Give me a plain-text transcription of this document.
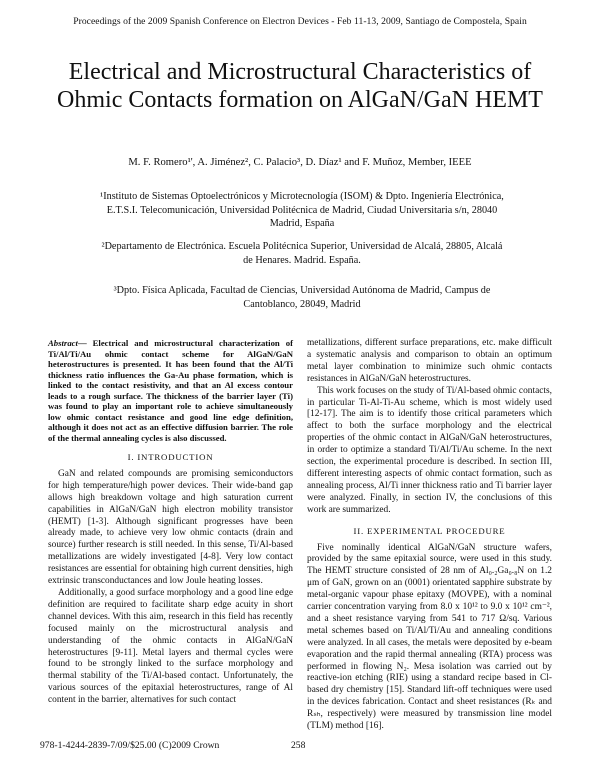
Proceedings of the 2009 Spanish Conference on Electron Devices - Feb 11-13, 2009, Santiago de Compostela, Spain
Electrical and Microstructural Characteristics of Ohmic Contacts formation on AlGaN/GaN HEMT
M. F. Romero¹', A. Jiménez², C. Palacio³, D. Díaz¹ and F. Muñoz, Member, IEEE
¹Instituto de Sistemas Optoelectrónicos y Microtecnología (ISOM) & Dpto. Ingeniería Electrónica, E.T.S.I. Telecomunicación, Universidad Politécnica de Madrid, Ciudad Universitaria s/n, 28040 Madrid, España
²Departamento de Electrónica. Escuela Politécnica Superior, Universidad de Alcalá, 28805, Alcalá de Henares. Madrid. España.
³Dpto. Física Aplicada, Facultad de Ciencias, Universidad Autónoma de Madrid, Campus de Cantoblanco, 28049, Madrid
Abstract— Electrical and microstructural characterization of Ti/Al/Ti/Au ohmic contact scheme for AlGaN/GaN heterostructures is presented. It has been found that the Al/Ti thickness ratio influences the Ga-Au phase formation, which is linked to the contact resistivity, and that an Al excess contour leads to a rough surface. The thickness of the barrier layer (Ti) was found to play an important role to achieve simultaneously low ohmic contact resistance and good line edge definition, although it does not act as an effective diffusion barrier. The role of the thermal annealing cycles is also discussed.
I. INTRODUCTION

GaN and related compounds are promising semiconductors for high temperature/high power devices. Their wide-band gap allows high breakdown voltage and high saturation current capabilities in AlGaN/GaN high electron mobility transistor (HEMT) [1-3]. Although significant progresses have been already made, to achieve very low ohmic contacts (drain and source) further research is still needed. In this sense, Ti/Al-based metallizations are widely investigated [4-8]. Very low contact resistances are essential for obtaining high current densities, high extrinsic transconductances and low Joule heating losses.

Additionally, a good surface morphology and a good line edge definition are required to facilitate sharp edge acuity in short channel devices. With this aim, research in this field has recently focused mainly on the microstructural analysis and understanding of the ohmic contacts in AlGaN/GaN heterostructures [9-11]. Metal layers and thermal cycles were found to be strongly linked to the surface morphology and thermal stability of the Ti/Al-based contact. Unfortunately, the various sources of the epitaxial heterostructures, range of Al content in the barrier, alternatives for such contact

metallizations, different surface preparations, etc. make difficult a systematic analysis and comparison to obtain an optimum metal layer combination to minimize such ohmic contacts resistances in AlGaN/GaN heterostructures.

This work focuses on the study of Ti/Al-based ohmic contacts, in particular Ti-Al-Ti-Au scheme, which is most widely used [12-17]. The aim is to identify those critical parameters which affect to both the surface morphology and the electrical properties of the ohmic contact in AlGaN/GaN heterostructures, in order to optimize a standard Ti/Al/Ti/Au scheme. In the next section, the experimental procedure is described. In section III, different interesting aspects of ohmic contact formation, such as annealing process, Al/Ti inner thickness ratio and Ti barrier layer were analyzed. Finally, in section IV, the conclusions of this work are summarized.

II. EXPERIMENTAL PROCEDURE

Five nominally identical AlGaN/GaN structure wafers, provided by the same epitaxial source, were used in this study. The HEMT structure consisted of 28 nm of Al₀.₂Ga₀.₈N on 1.2 μm of GaN, grown on an (0001) orientated sapphire substrate by metal-organic vapour phase epitaxy (MOVPE), with a nominal carrier concentration varying from 8.0 x 10¹² to 9.0 x 10¹² cm⁻², and a sheet resistance varying from 541 to 717 Ω/sq. Various metal schemes based on Ti/Al/Ti/Au and annealing conditions were analyzed. In all cases, the metals were deposited by e-beam evaporation and the rapid thermal annealing (RTA) process was performed in flowing N₂. Mesa isolation was carried out by reactive-ion etching (RIE) using a standard recipe based in Cl-based dry chemistry [15]. Standard lift-off techniques were used in the devices fabrication. Contact and sheet resistances (Rₖ and Rₛₕ, respectively) were measured by transmission line model (TLM) method [16].

978-1-4244-2839-7/09/$25.00 (C)2009 Crown	258
